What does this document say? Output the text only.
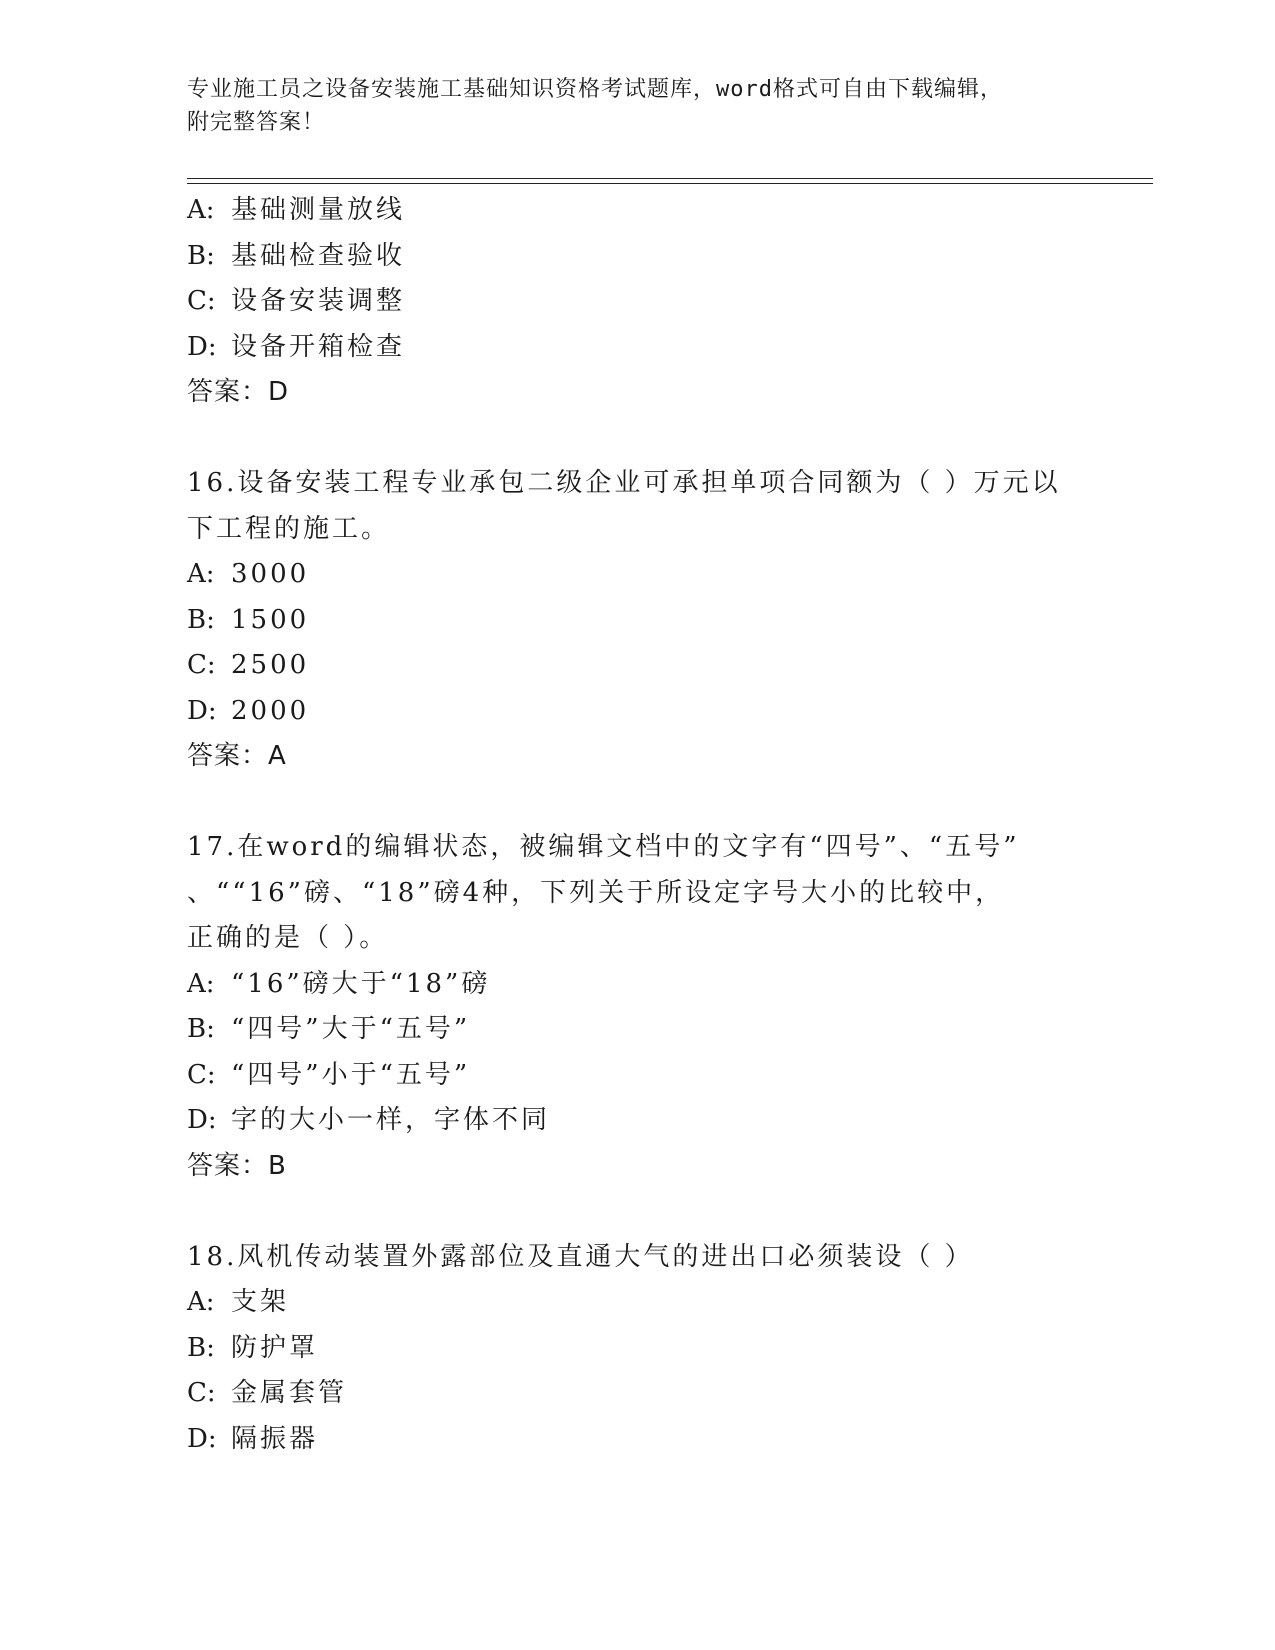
专业施工员之设备安装施工基础知识资格考试题库，word格式可自由下载编辑，
附完整答案！
A: 基础测量放线
B: 基础检查验收
C: 设备安装调整
D: 设备开箱检查
答案：D
16.设备安装工程专业承包二级企业可承担单项合同额为（ ）万元以
下工程的施工。
A: 3000
B: 1500
C: 2500
D: 2000
答案：A
17.在word的编辑状态，被编辑文档中的文字有“四号”、“五号”
、““16”磅、“18”磅4种，下列关于所设定字号大小的比较中，
正确的是（ ）。
A: “16”磅大于“18”磅
B: “四号”大于“五号”
C: “四号”小于“五号”
D: 字的大小一样，字体不同
答案：B
18.风机传动装置外露部位及直通大气的进出口必须装设（ ）
A: 支架
B: 防护罩
C: 金属套管
D: 隔振器
